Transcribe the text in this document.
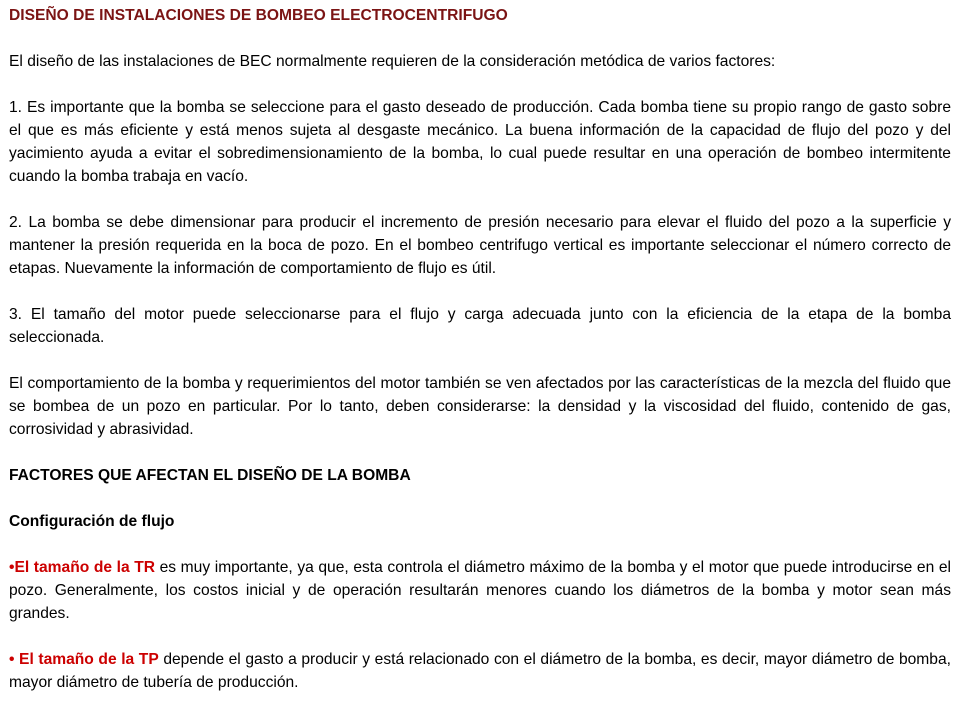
DISEÑO DE INSTALACIONES DE BOMBEO ELECTROCENTRIFUGO

El diseño de las instalaciones de BEC normalmente requieren de la consideración metódica de varios factores:

1. Es importante que la bomba se seleccione para el gasto deseado de producción. Cada bomba tiene su propio rango de gasto sobre el que es más eficiente y está menos sujeta al desgaste mecánico. La buena información de la capacidad de flujo del pozo y del yacimiento ayuda a evitar el sobredimensionamiento de la bomba, lo cual puede resultar en una operación de bombeo intermitente cuando la bomba trabaja en vacío.

2. La bomba se debe dimensionar para producir el incremento de presión necesario para elevar el fluido del pozo a la superficie y mantener la presión requerida en la boca de pozo. En el bombeo centrifugo vertical es importante seleccionar el número correcto de etapas. Nuevamente la información de comportamiento de flujo es útil.

3. El tamaño del motor puede seleccionarse para el flujo y carga adecuada junto con la eficiencia de la etapa de la bomba seleccionada.

El comportamiento de la bomba y requerimientos del motor también se ven afectados por las características de la mezcla del fluido que se bombea de un pozo en particular. Por lo tanto, deben considerarse: la densidad y la viscosidad del fluido, contenido de gas, corrosividad y abrasividad.

FACTORES QUE AFECTAN EL DISEÑO DE LA BOMBA
Configuración de flujo

•El tamaño de la TR es muy importante, ya que, esta controla el diámetro máximo de la bomba y el motor que puede introducirse en el pozo. Generalmente, los costos inicial y de operación resultarán menores cuando los diámetros de la bomba y motor sean más grandes.

• El tamaño de la TP depende el gasto a producir y está relacionado con el diámetro de la bomba, es decir, mayor diámetro de bomba, mayor diámetro de tubería de producción.
